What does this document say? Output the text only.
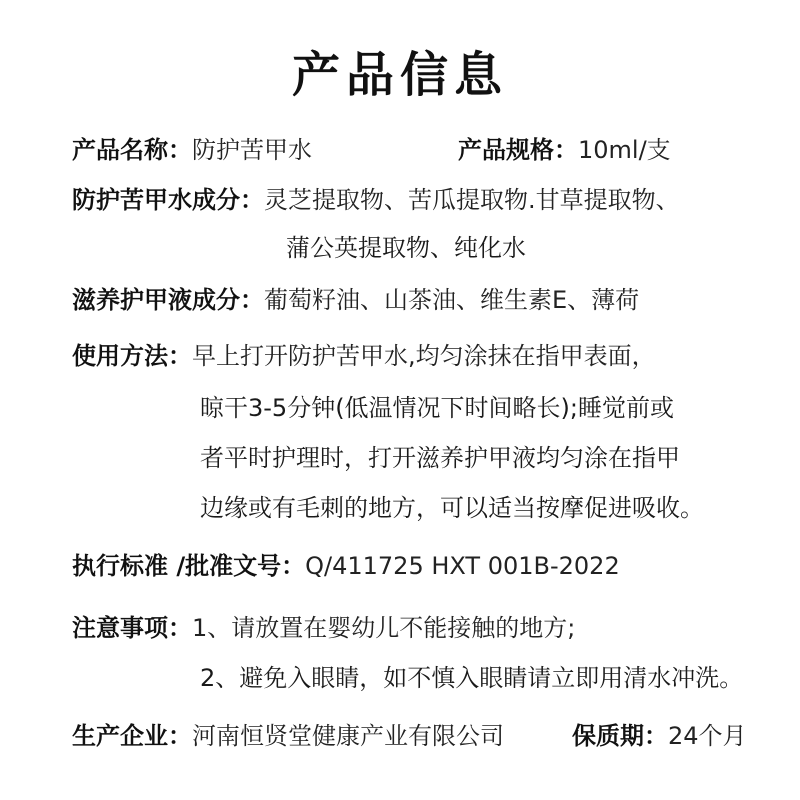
产品信息
产品名称：防护苦甲水	产品规格：10ml/支
防护苦甲水成分：灵芝提取物、苦瓜提取物.甘草提取物、
蒲公英提取物、纯化水
滋养护甲液成分：葡萄籽油、山茶油、维生素E、薄荷
使用方法：早上打开防护苦甲水,均匀涂抹在指甲表面，
晾干3-5分钟(低温情况下时间略长);睡觉前或
者平时护理时，打开滋养护甲液均匀涂在指甲
边缘或有毛刺的地方，可以适当按摩促进吸收。
执行标准 /批准文号：Q/411725 HXT 001B-2022
注意事项：1、请放置在婴幼儿不能接触的地方;
2、避免入眼睛，如不慎入眼睛请立即用清水冲洗。
生产企业：河南恒贤堂健康产业有限公司	保质期：24个月
